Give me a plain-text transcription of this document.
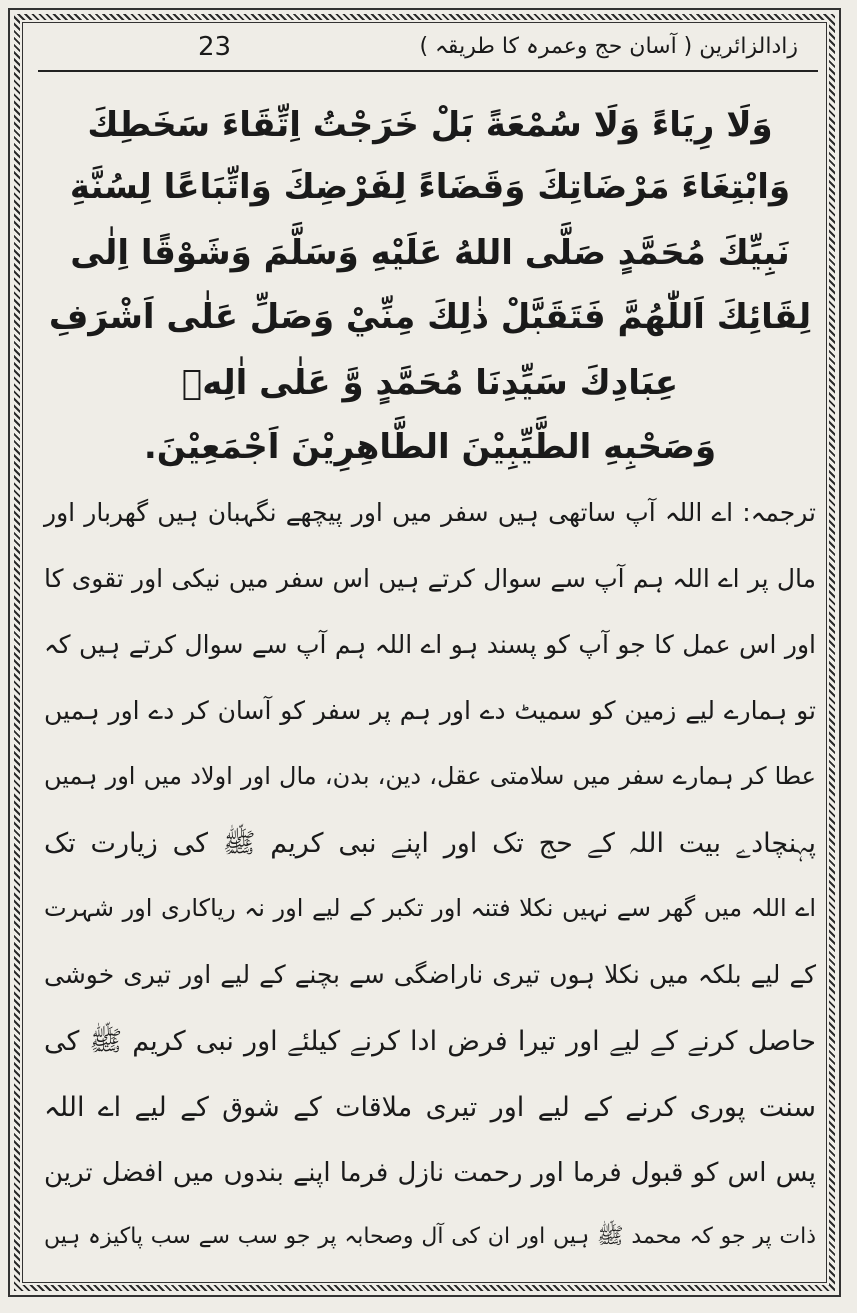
23	زادالزائرین ( آسان حج وعمرہ کا طریقہ )
وَلَا رِيَاءً وَلَا سُمْعَةً بَلْ خَرَجْتُ اِتِّقَاءَ سَخَطِكَ
وَابْتِغَاءَ مَرْضَاتِكَ وَقَضَاءً لِفَرْضِكَ وَاتِّبَاعًا لِسُنَّةِ
نَبِيِّكَ مُحَمَّدٍ صَلَّى اللهُ عَلَيْهِ وَسَلَّمَ وَشَوْقًا اِلٰى
لِقَائِكَ اَللّٰهُمَّ فَتَقَبَّلْ ذٰلِكَ مِنِّيْ وَصَلِّ عَلٰى اَشْرَفِ
عِبَادِكَ سَيِّدِنَا مُحَمَّدٍ وَّ عَلٰى اٰلِهٖ
وَصَحْبِهِ الطَّيِّبِيْنَ الطَّاهِرِيْنَ اَجْمَعِيْنَ.
ترجمہ: اے اللہ آپ ساتھی ہیں سفر میں اور پیچھے نگہبان ہیں گھربار اور
مال پر اے اللہ ہم آپ سے سوال کرتے ہیں اس سفر میں نیکی اور تقوی کا
اور اس عمل کا جو آپ کو پسند ہو اے اللہ ہم آپ سے سوال کرتے ہیں کہ
تو ہمارے لیے زمین کو سمیٹ دے اور ہم پر سفر کو آسان کر دے اور ہمیں
عطا کر ہمارے سفر میں سلامتی عقل، دین، بدن، مال اور اولاد میں اور ہمیں
پہنچادے بیت اللہ کے حج تک اور اپنے نبی کریم ﷺ کی زیارت تک
اے اللہ میں گھر سے نہیں نکلا فتنہ اور تکبر کے لیے اور نہ ریاکاری اور شہرت
کے لیے بلکہ میں نکلا ہوں تیری ناراضگی سے بچنے کے لیے اور تیری خوشی
حاصل کرنے کے لیے اور تیرا فرض ادا کرنے کیلئے اور نبی کریم ﷺ کی
سنت پوری کرنے کے لیے اور تیری ملاقات کے شوق کے لیے اے اللہ
پس اس کو قبول فرما اور رحمت نازل فرما اپنے بندوں میں افضل ترین
ذات پر جو کہ محمد ﷺ ہیں اور ان کی آل وصحابہ پر جو سب سے سب پاکیزہ ہیں
